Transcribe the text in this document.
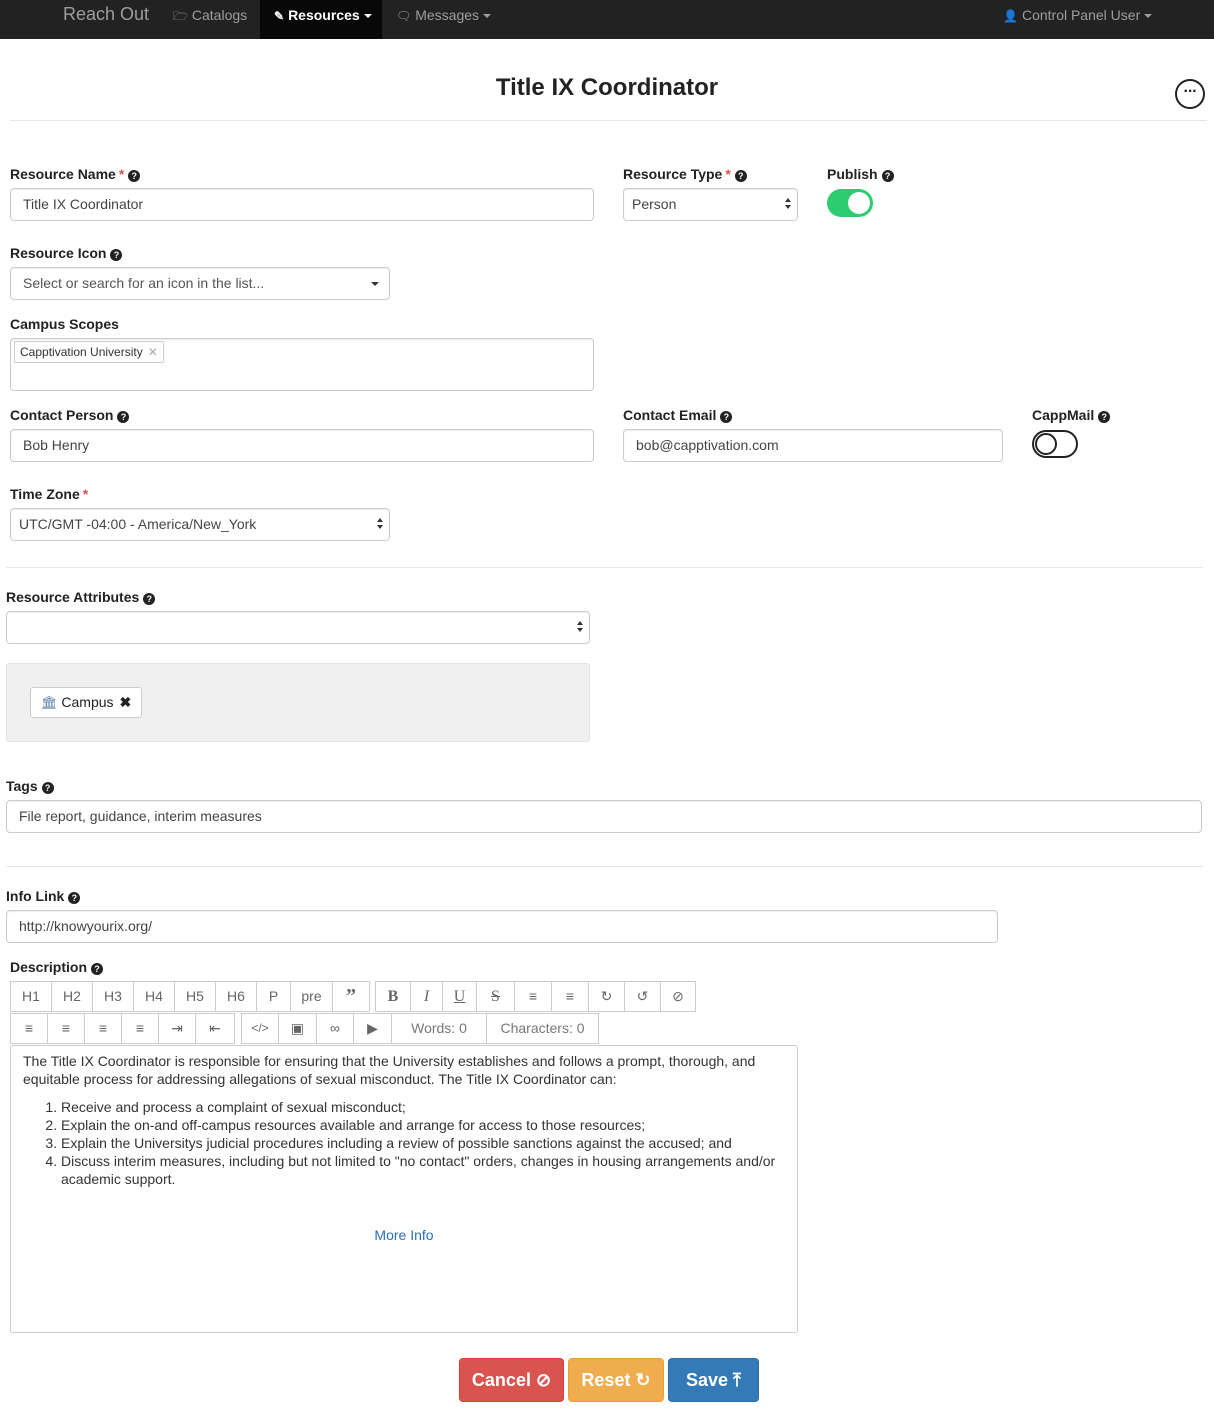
Reach Out 🗁 Catalogs	✎ Resources	🗨 Messages	👤 Control Panel User
Title IX Coordinator	···
Resource Name * ?
Title IX Coordinator
Resource Type * ?
Person
Publish ?
Resource Icon ?
Select or search for an icon in the list...
Campus Scopes
Capptivation University ✕
Contact Person ?
Bob Henry
Contact Email ?
bob@capptivation.com
CappMail ?
Time Zone *
UTC/GMT -04:00 - America/New_York
Resource Attributes ?
🏛 Campus ✖
Tags ?
File report, guidance, interim measures
Info Link ?
http://knowyourix.org/
Description ?
H1	H2	H3	H4	H5	H6	P	pre	”	B	I	U	S	≡	≡	↻	↺	⊘
≡	≡	≡	≡	⇥	⇤	</>	▣	∞	▶	Words: 0	Characters: 0

The Title IX Coordinator is responsible for ensuring that the University establishes and follows a prompt, thorough, and equitable process for addressing allegations of sexual misconduct. The Title IX Coordinator can:

1. Receive and process a complaint of sexual misconduct;
2. Explain the on-and off-campus resources available and arrange for access to those resources;
3. Explain the Universitys judicial procedures including a review of possible sanctions against the accused; and
4. Discuss interim measures, including but not limited to "no contact" orders, changes in housing arrangements and/or academic support.
More Info
Cancel ⊘	Reset ↻	Save ⤒
